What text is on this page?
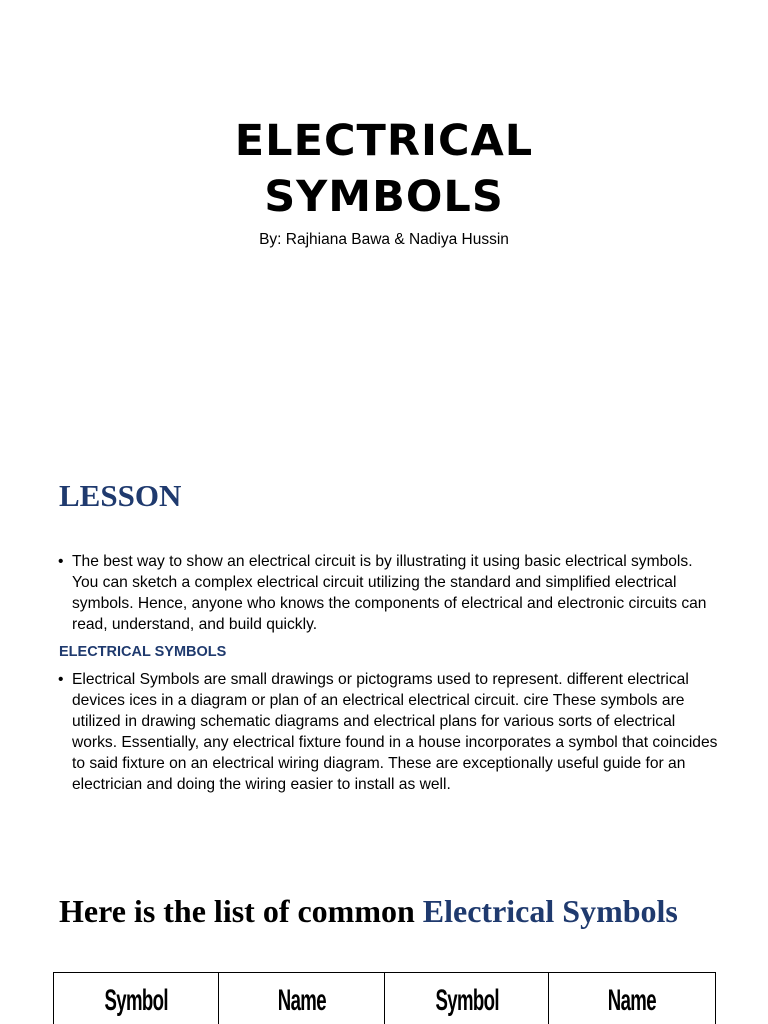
ELECTRICAL
SYMBOLS
By: Rajhiana Bawa & Nadiya Hussin
LESSON
• The best way to show an electrical circuit is by illustrating it using basic electrical symbols. You can sketch a complex electrical circuit utilizing the standard and simplified electrical symbols. Hence, anyone who knows the components of electrical and electronic circuits can read, understand, and build quickly.
ELECTRICAL SYMBOLS
• Electrical Symbols are small drawings or pictograms used to represent. different electrical devices ices in a diagram or plan of an electrical electrical circuit. cire These symbols are utilized in drawing schematic diagrams and electrical plans for various sorts of electrical works. Essentially, any electrical fixture found in a house incorporates a symbol that coincides to said fixture on an electrical wiring diagram. These are exceptionally useful guide for an electrician and doing the wiring easier to install as well.
Here is the list of common Electrical Symbols
Symbol	Name	Symbol	Name
